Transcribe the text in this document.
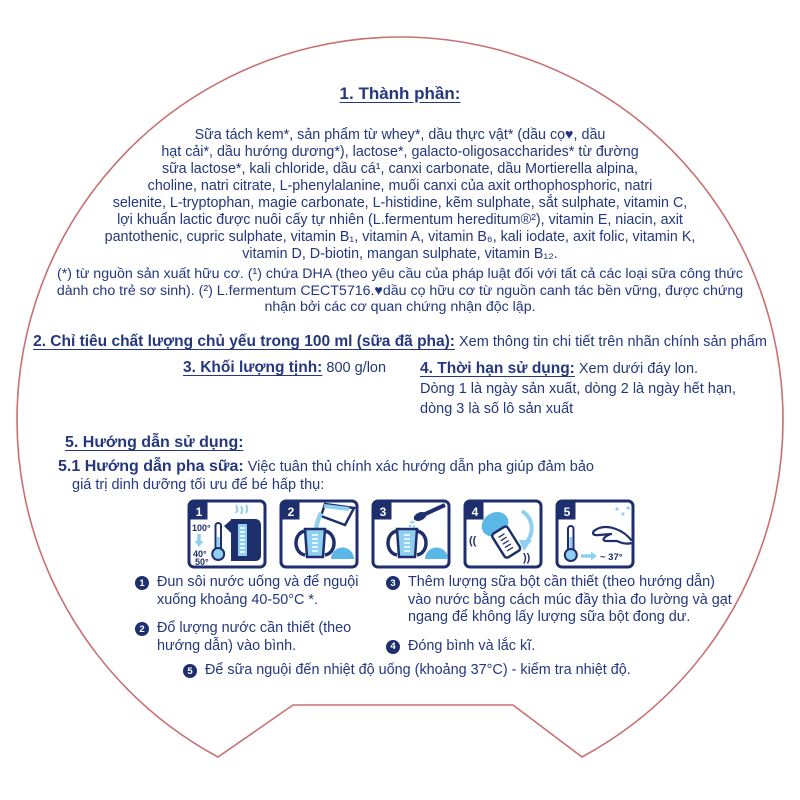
1. Thành phần:
Sữa tách kem*, sản phẩm từ whey*, dầu thực vật* (dầu cọ♥, dầu
hạt cải*, dầu hướng dương*), lactose*, galacto-oligosaccharides* từ đường
sữa lactose*, kali chloride, dầu cá¹, canxi carbonate, dầu Mortierella alpina,
choline, natri citrate, L-phenylalanine, muối canxi của axit orthophosphoric, natri
selenite, L-tryptophan, magie carbonate, L-histidine, kẽm sulphate, sắt sulphate, vitamin C,
lợi khuẩn lactic được nuôi cấy tự nhiên (L.fermentum hereditum®²), vitamin E, niacin, axit
pantothenic, cupric sulphate, vitamin B₁, vitamin A, vitamin B₆, kali iodate, axit folic, vitamin K,
vitamin D, D-biotin, mangan sulphate, vitamin B₁₂.
(*) từ nguồn sản xuất hữu cơ. (¹) chứa DHA (theo yêu cầu của pháp luật đối với tất cả các loại sữa công thức
dành cho trẻ sơ sinh). (²) L.fermentum CECT5716.♥dầu cọ hữu cơ từ nguồn canh tác bền vững, được chứng
nhận bởi các cơ quan chứng nhận độc lập.
2. Chỉ tiêu chất lượng chủ yếu trong 100 ml (sữa đã pha): Xem thông tin chi tiết trên nhãn chính sản phẩm
3. Khối lượng tịnh: 800 g/lon 4. Thời hạn sử dụng: Xem dưới đáy lon.
Dòng 1 là ngày sản xuất, dòng 2 là ngày hết hạn,
dòng 3 là số lô sản xuất
5. Hướng dẫn sử dụng:
5.1 Hướng dẫn pha sữa: Việc tuân thủ chính xác hướng dẫn pha giúp đảm bảo
giá trị dinh dưỡng tối ưu để bé hấp thụ:
1
100°
40°
50°
2	3	4
((
))
5
~ 37°
1 Đun sôi nước uống và để nguội xuống khoảng 40-50°C *.
2 Đổ lượng nước cần thiết (theo hướng dẫn) vào bình.
3 Thêm lượng sữa bột cần thiết (theo hướng dẫn) vào nước bằng cách múc đầy thìa đo lường và gạt ngang để không lấy lượng sữa bột đong dư.
4 Đóng bình và lắc kĩ.
5 Để sữa nguội đến nhiệt độ uống (khoảng 37°C) - kiểm tra nhiệt độ.
